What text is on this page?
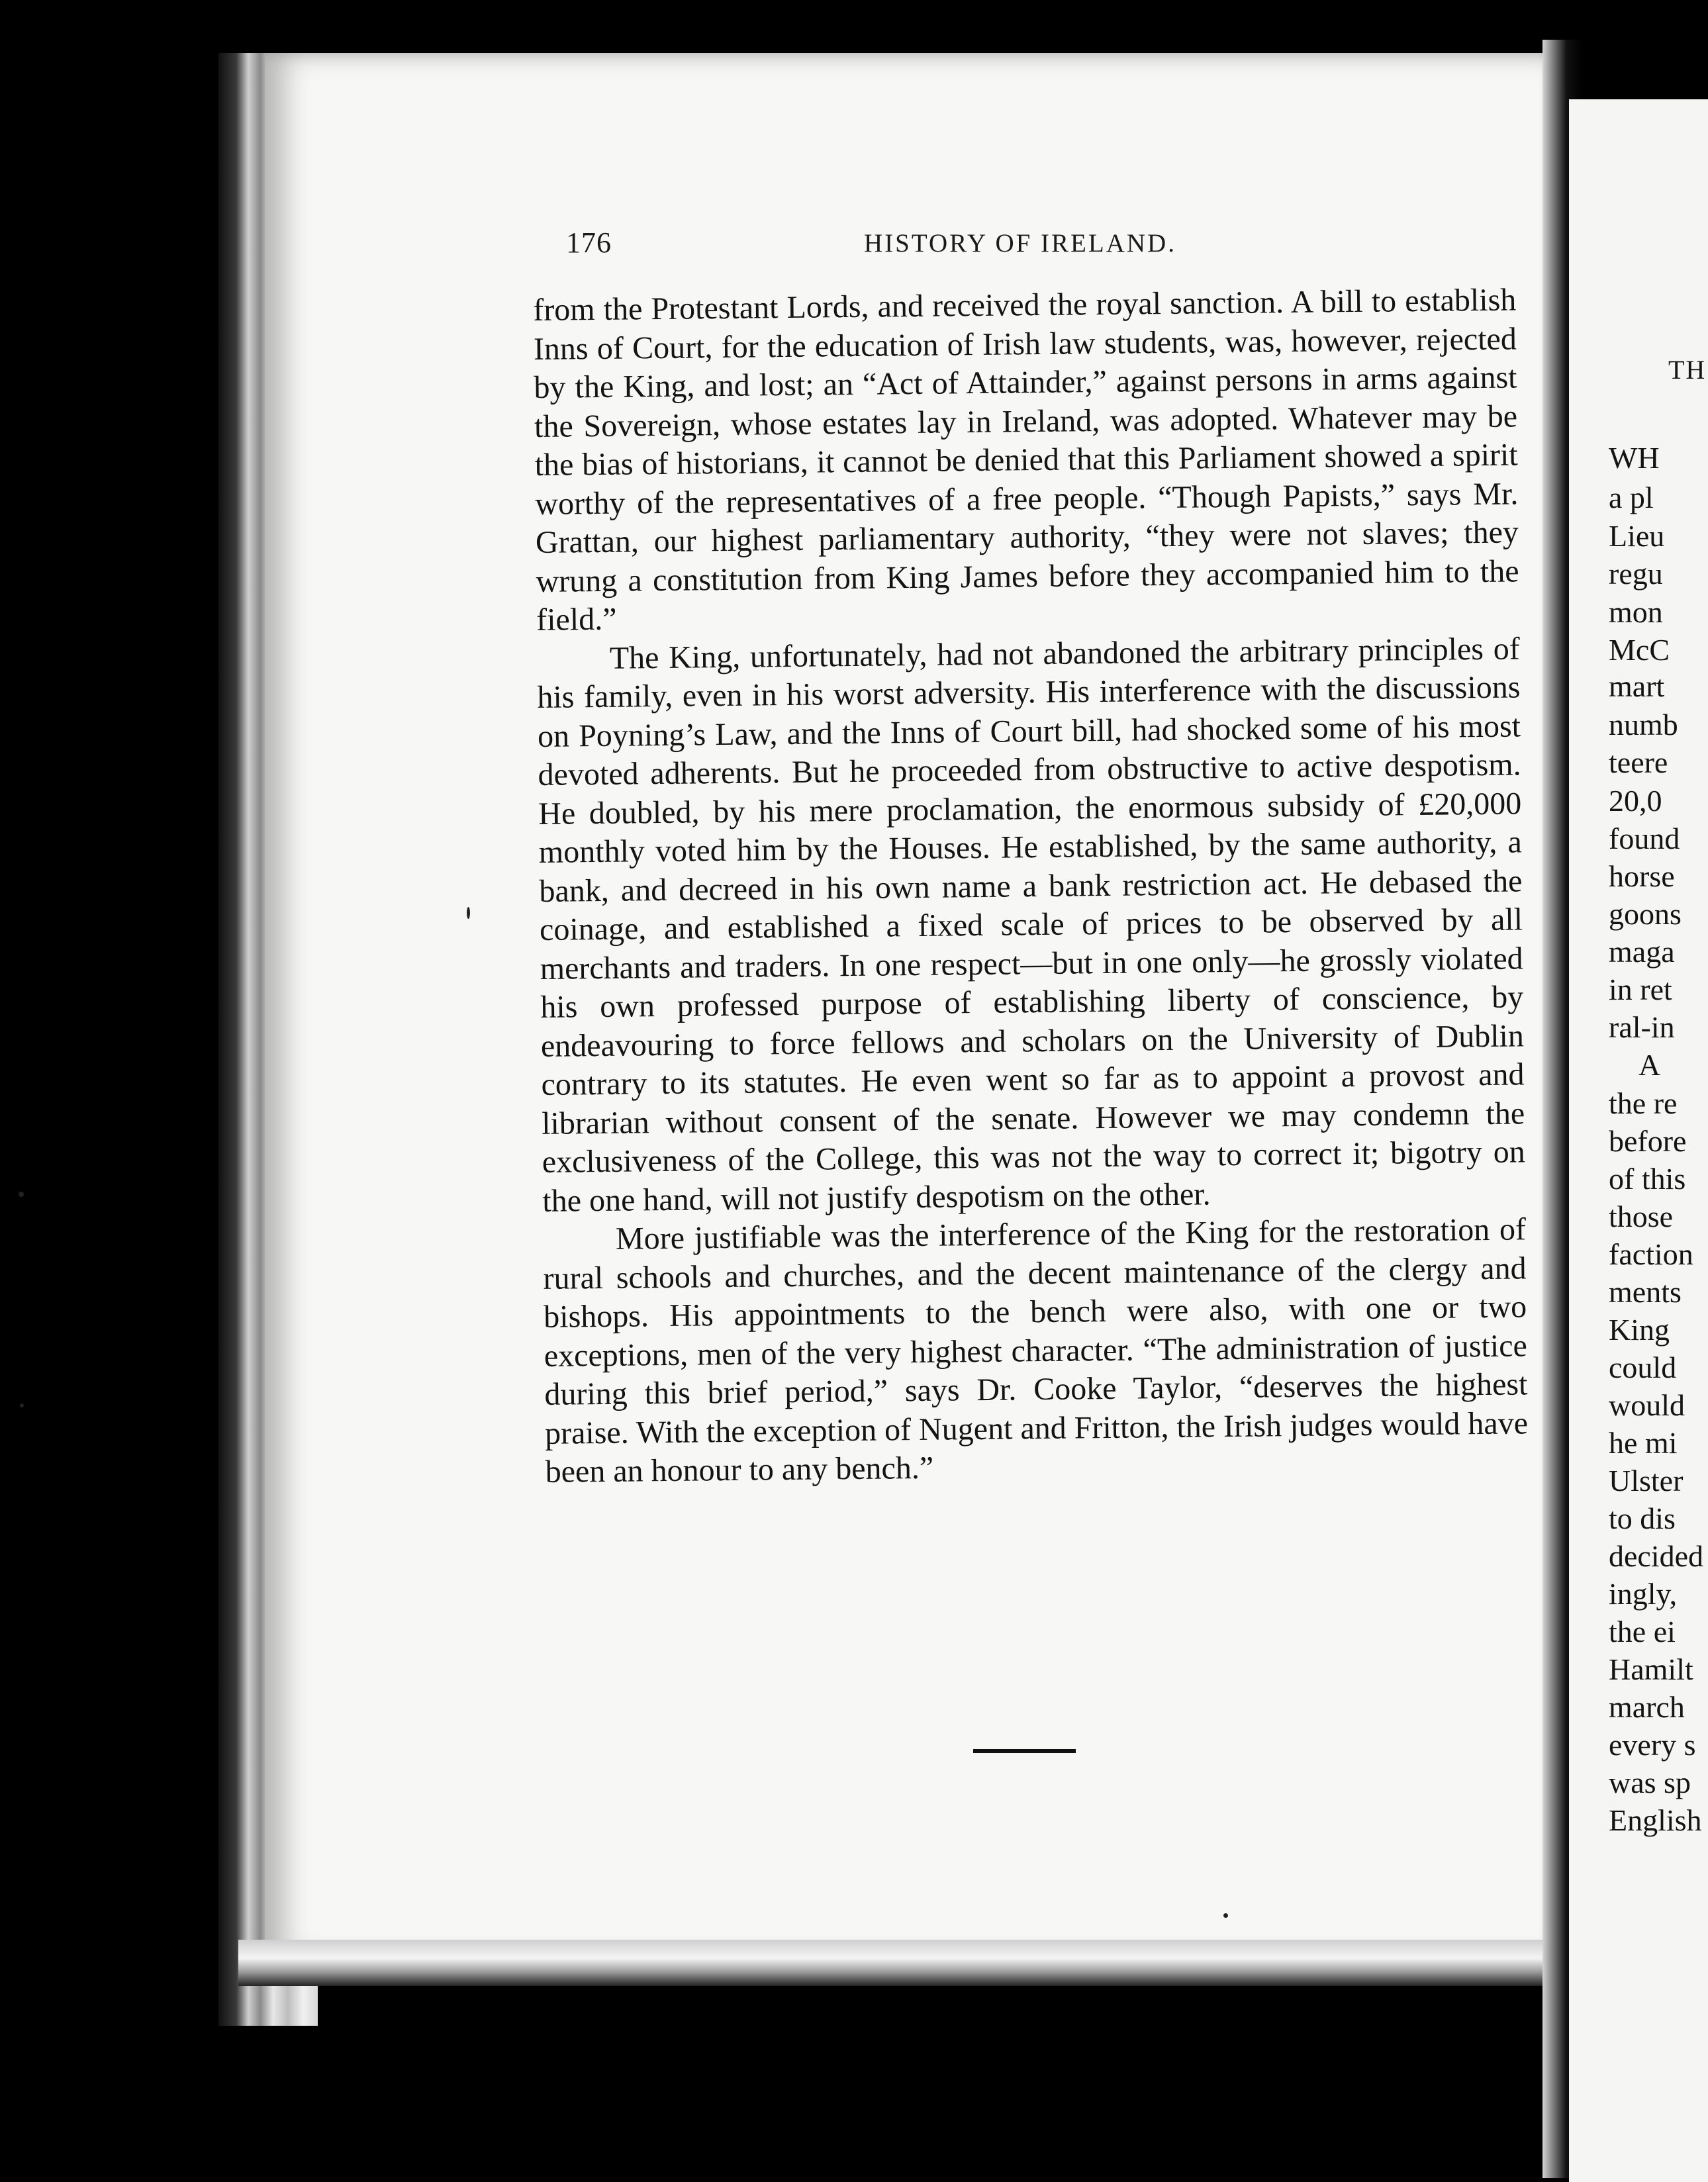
176	HISTORY OF IRELAND.

from the Protestant Lords, and received the royal sanction. A bill to establish Inns of Court, for the education of Irish law students, was, however, rejected by the King, and lost; an “Act of Attainder,” against persons in arms against the Sovereign, whose estates lay in Ireland, was adopted. Whatever may be the bias of historians, it cannot be denied that this Parliament showed a spirit worthy of the representatives of a free people. “Though Papists,” says Mr. Grattan, our highest parliamentary authority, “they were not slaves; they wrung a constitution from King James before they accompanied him to the field.”

The King, unfortunately, had not abandoned the arbitrary principles of his family, even in his worst adversity. His interference with the discussions on Poyning’s Law, and the Inns of Court bill, had shocked some of his most devoted adherents. But he proceeded from obstructive to active despotism. He doubled, by his mere proclamation, the enormous subsidy of £20,000 monthly voted him by the Houses. He established, by the same authority, a bank, and decreed in his own name a bank restriction act. He debased the coinage, and established a fixed scale of prices to be observed by all merchants and traders. In one respect—but in one only—he grossly violated his own professed purpose of establishing liberty of conscience, by endeavouring to force fellows and scholars on the University of Dublin contrary to its statutes. He even went so far as to appoint a provost and librarian without consent of the senate. However we may condemn the exclusiveness of the College, this was not the way to correct it; bigotry on the one hand, will not justify despotism on the other.

More justifiable was the interference of the King for the restoration of rural schools and churches, and the decent maintenance of the clergy and bishops. His appointments to the bench were also, with one or two exceptions, men of the very highest character. “The administration of justice during this brief period,” says Dr. Cooke Taylor, “deserves the highest praise. With the exception of Nugent and Fritton, the Irish judges would have been an honour to any bench.”

TH
WH
a pl
Lieu
regu
mon
McC
mart
numb
teere
20,0
found
horse
goons
maga
in ret
ral-in
A
the re
before
of this
those
faction
ments
King
could
would
he mi
Ulster
to dis
decided
ingly,
the ei
Hamilt
march
every s
was sp
English
